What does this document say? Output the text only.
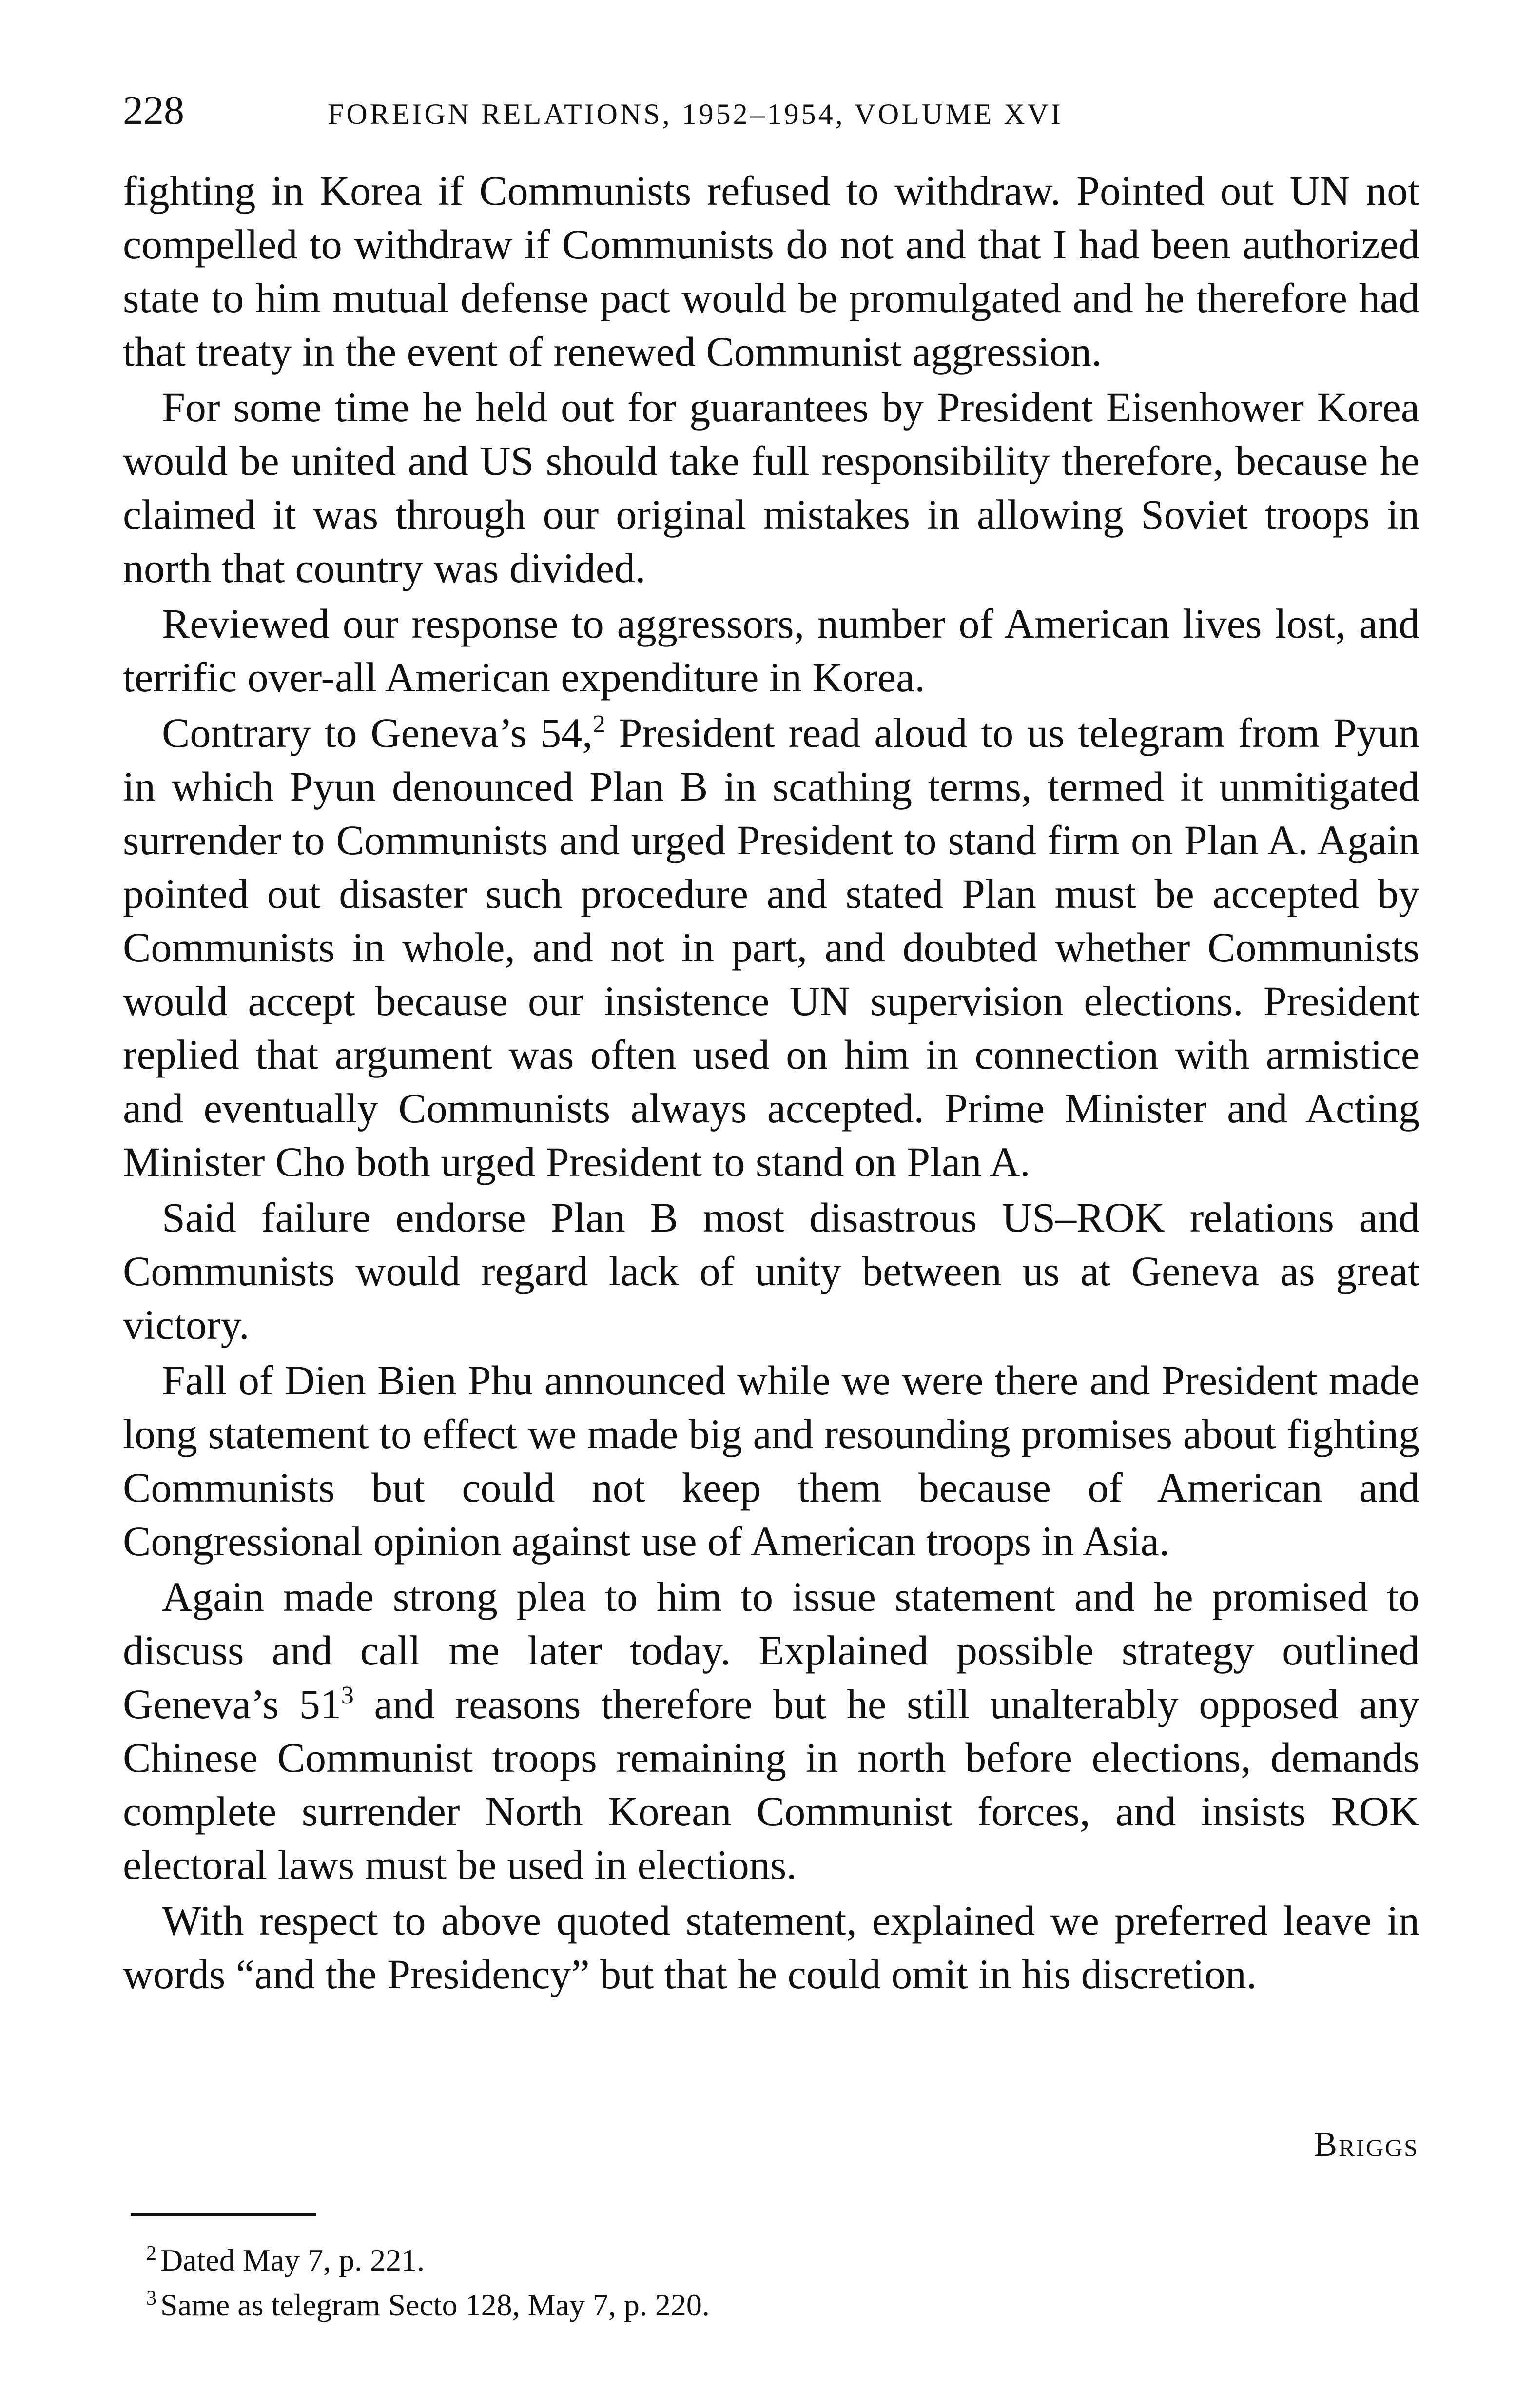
228	FOREIGN RELATIONS, 1952–1954, VOLUME XVI

fighting in Korea if Communists refused to withdraw. Pointed out UN not compelled to withdraw if Communists do not and that I had been authorized state to him mutual defense pact would be promulgated and he therefore had that treaty in the event of renewed Communist aggression.

For some time he held out for guarantees by President Eisenhower Korea would be united and US should take full responsibility therefore, because he claimed it was through our original mistakes in allowing Soviet troops in north that country was divided.

Reviewed our response to aggressors, number of American lives lost, and terrific over-all American expenditure in Korea.

Contrary to Geneva’s 54,$^2$ President read aloud to us telegram from Pyun in which Pyun denounced Plan B in scathing terms, termed it unmitigated surrender to Communists and urged President to stand firm on Plan A. Again pointed out disaster such procedure and stated Plan must be accepted by Communists in whole, and not in part, and doubted whether Communists would accept because our insistence UN supervision elections. President replied that argument was often used on him in connection with armistice and eventually Communists always accepted. Prime Minister and Acting Minister Cho both urged President to stand on Plan A.

Said failure endorse Plan B most disastrous US–ROK relations and Communists would regard lack of unity between us at Geneva as great victory.

Fall of Dien Bien Phu announced while we were there and President made long statement to effect we made big and resounding promises about fighting Communists but could not keep them because of American and Congressional opinion against use of American troops in Asia.

Again made strong plea to him to issue statement and he promised to discuss and call me later today. Explained possible strategy outlined Geneva’s $51^3$ and reasons therefore but he still unalterably opposed any Chinese Communist troops remaining in north before elections, demands complete surrender North Korean Communist forces, and insists ROK electoral laws must be used in elections.

With respect to above quoted statement, explained we preferred leave in words “and the Presidency” but that he could omit in his discretion.

Briggs

$^2$ Dated May 7, p. 221.

$^3$ Same as telegram Secto 128, May 7, p. 220.
